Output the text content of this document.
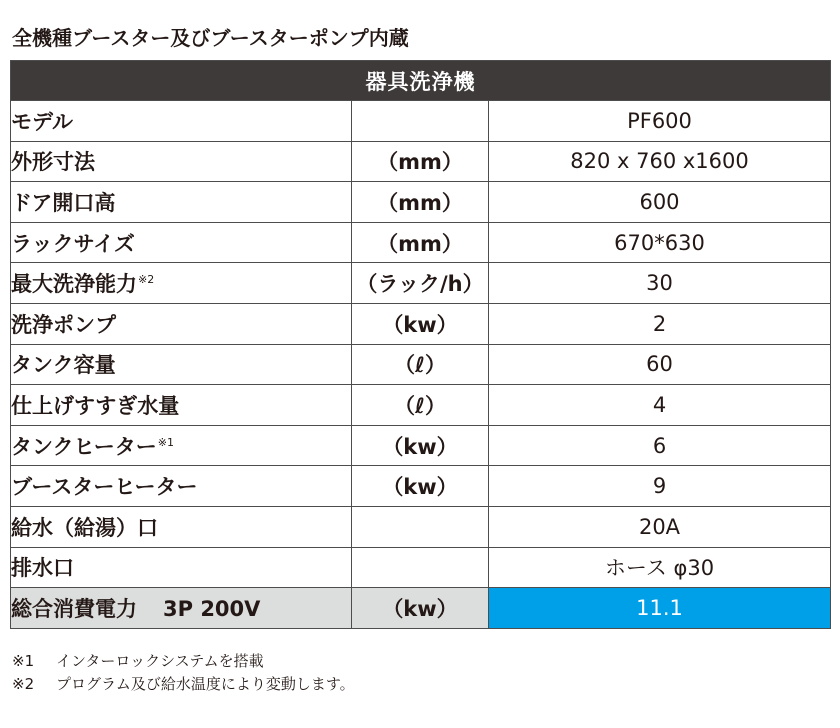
全機種ブースター及びブースターポンプ内蔵
器具洗浄機		
モデル		PF600
外形寸法	（mm）	820 x 760 x1600
ドア開口高	（mm）	600
ラックサイズ	（mm）	670*630
最大洗浄能力$^{※2}$	（ラック/h）	30
洗浄ポンプ	（kw）	2
タンク容量	（ℓ）	60
仕上げすすぎ水量	（ℓ）	4
タンクヒーター$^{※1}$	（kw）	6
ブースターヒーター	（kw）	9
給水（給湯）口		20A
排水口		ホース φ30
総合消費電力 3P 200V	（kw）	11.1
※1 インターロックシステムを搭載
※2 プログラム及び給水温度により変動します。
